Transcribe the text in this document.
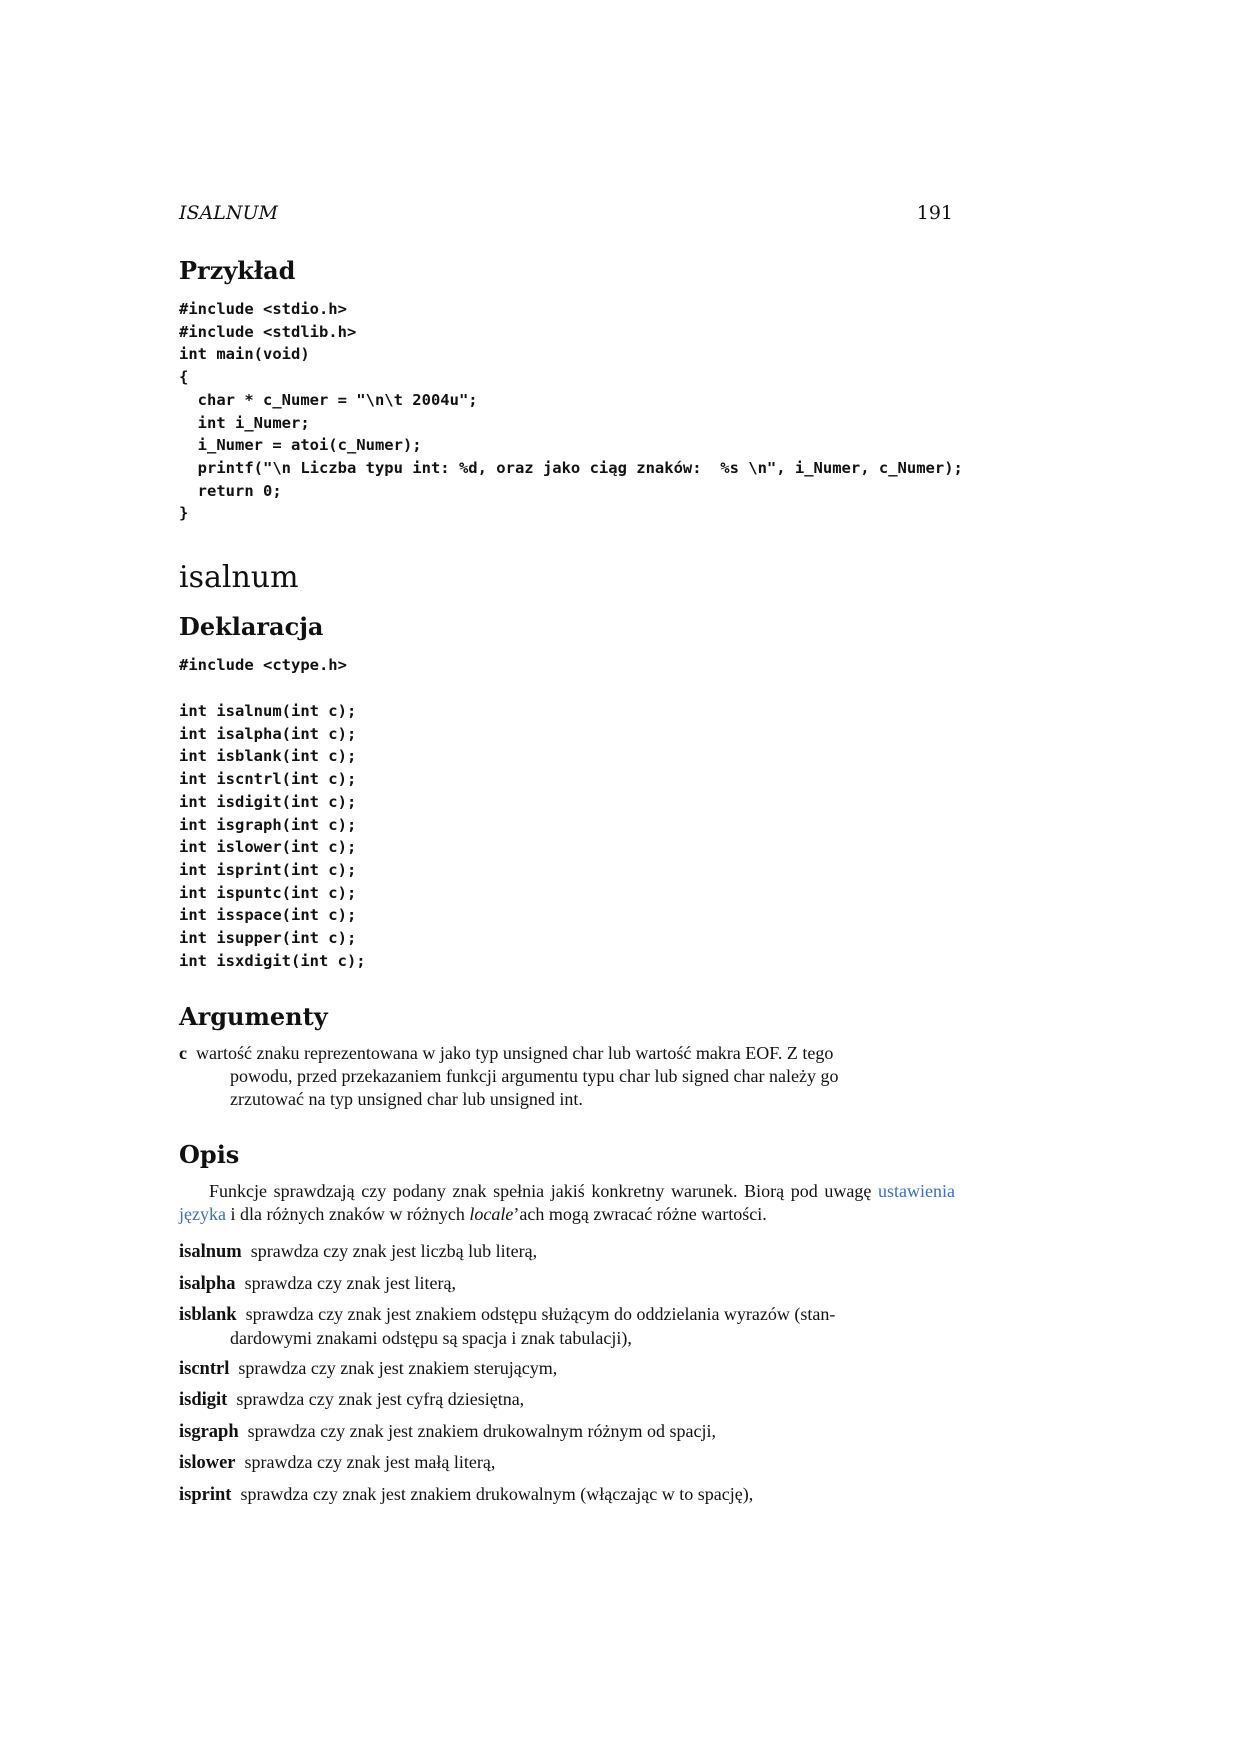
ISALNUM	191
Przykład
#include <stdio.h>
#include <stdlib.h>
int main(void)
{
char * c_Numer = "\n\t 2004u";
int i_Numer;
i_Numer = atoi(c_Numer);
printf("\n Liczba typu int: %d, oraz jako ciąg znaków:  %s \n", i_Numer, c_Numer);
return 0;
}
isalnum
Deklaracja
#include <ctype.h>
int isalnum(int c);
int isalpha(int c);
int isblank(int c);
int iscntrl(int c);
int isdigit(int c);
int isgraph(int c);
int islower(int c);
int isprint(int c);
int ispuntc(int c);
int isspace(int c);
int isupper(int c);
int isxdigit(int c);
Argumenty
c wartość znaku reprezentowana w jako typ unsigned char lub wartość makra EOF. Z tego
powodu, przed przekazaniem funkcji argumentu typu char lub signed char należy go
zrzutować na typ unsigned char lub unsigned int.
Opis
Funkcje sprawdzają czy podany znak spełnia jakiś konkretny warunek. Biorą pod uwagę ustawienia języka i dla różnych znaków w różnych locale’ach mogą zwracać różne wartości.
isalnum sprawdza czy znak jest liczbą lub literą,
isalpha sprawdza czy znak jest literą,
isblank sprawdza czy znak jest znakiem odstępu służącym do oddzielania wyrazów (stan-
dardowymi znakami odstępu są spacja i znak tabulacji),
iscntrl sprawdza czy znak jest znakiem sterującym,
isdigit sprawdza czy znak jest cyfrą dziesiętna,
isgraph sprawdza czy znak jest znakiem drukowalnym różnym od spacji,
islower sprawdza czy znak jest małą literą,
isprint sprawdza czy znak jest znakiem drukowalnym (włączając w to spację),
